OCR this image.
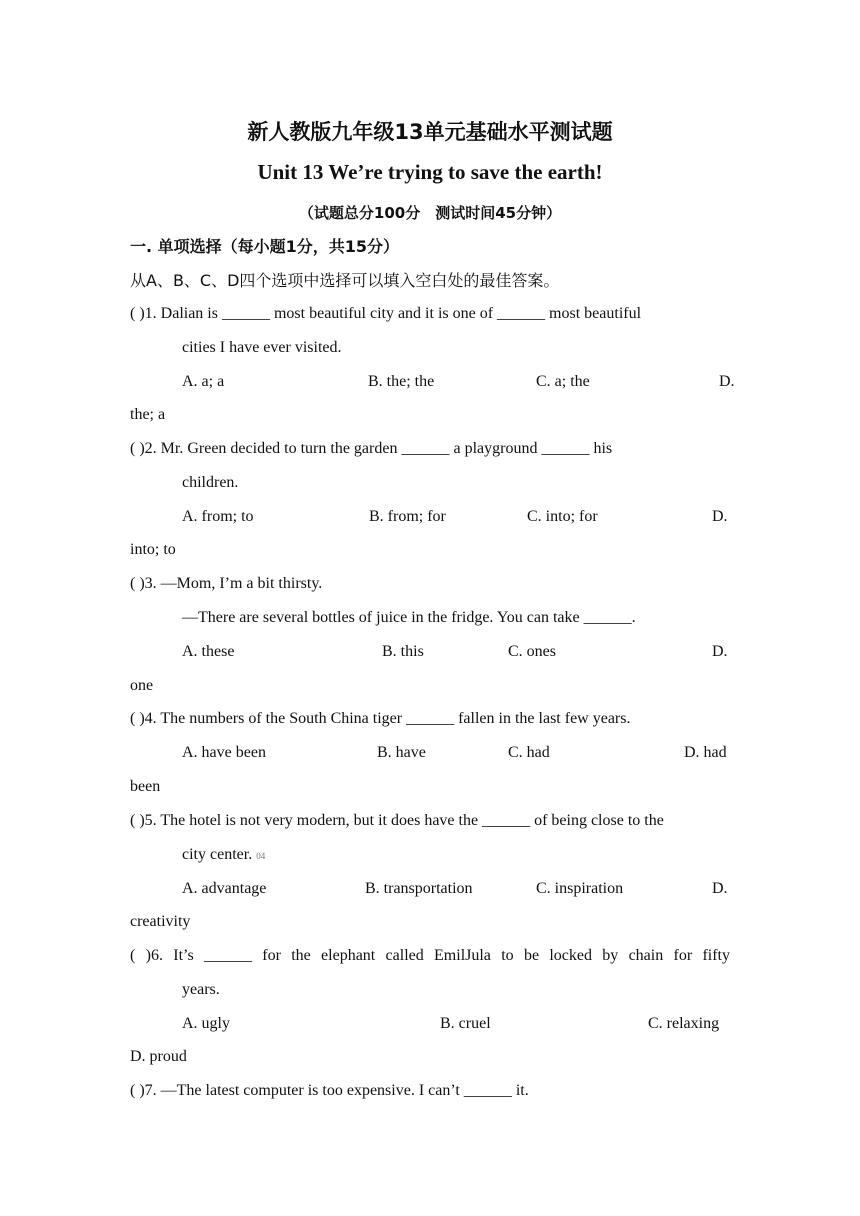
新人教版九年级13单元基础水平测试题
Unit 13 We’re trying to save the earth!
（试题总分100分　测试时间45分钟）
一. 单项选择（每小题1分，共15分）
从A、B、C、D四个选项中选择可以填入空白处的最佳答案。
( )1. Dalian is ______ most beautiful city and it is one of ______ most beautiful
cities I have ever visited.
A. a; a	B. the; the	C. a; the	D.
the; a
( )2. Mr. Green decided to turn the garden ______ a playground ______ his
children.
A. from; to	B. from; for	C. into; for	D.
into; to
( )3. —Mom, I’m a bit thirsty.
—There are several bottles of juice in the fridge. You can take ______.
A. these	B. this	C. ones	D.
one
( )4. The numbers of the South China tiger ______ fallen in the last few years.
A. have been	B. have	C. had	D. had
been
( )5. The hotel is not very modern, but it does have the ______ of being close to the
city center. 04
A. advantage	B. transportation	C. inspiration	D.
creativity
( )6. It’s ______ for the elephant called EmilJula to be locked by chain for fifty
years.
A. ugly	B. cruel	C. relaxing
D. proud
( )7. —The latest computer is too expensive. I can’t ______ it.
